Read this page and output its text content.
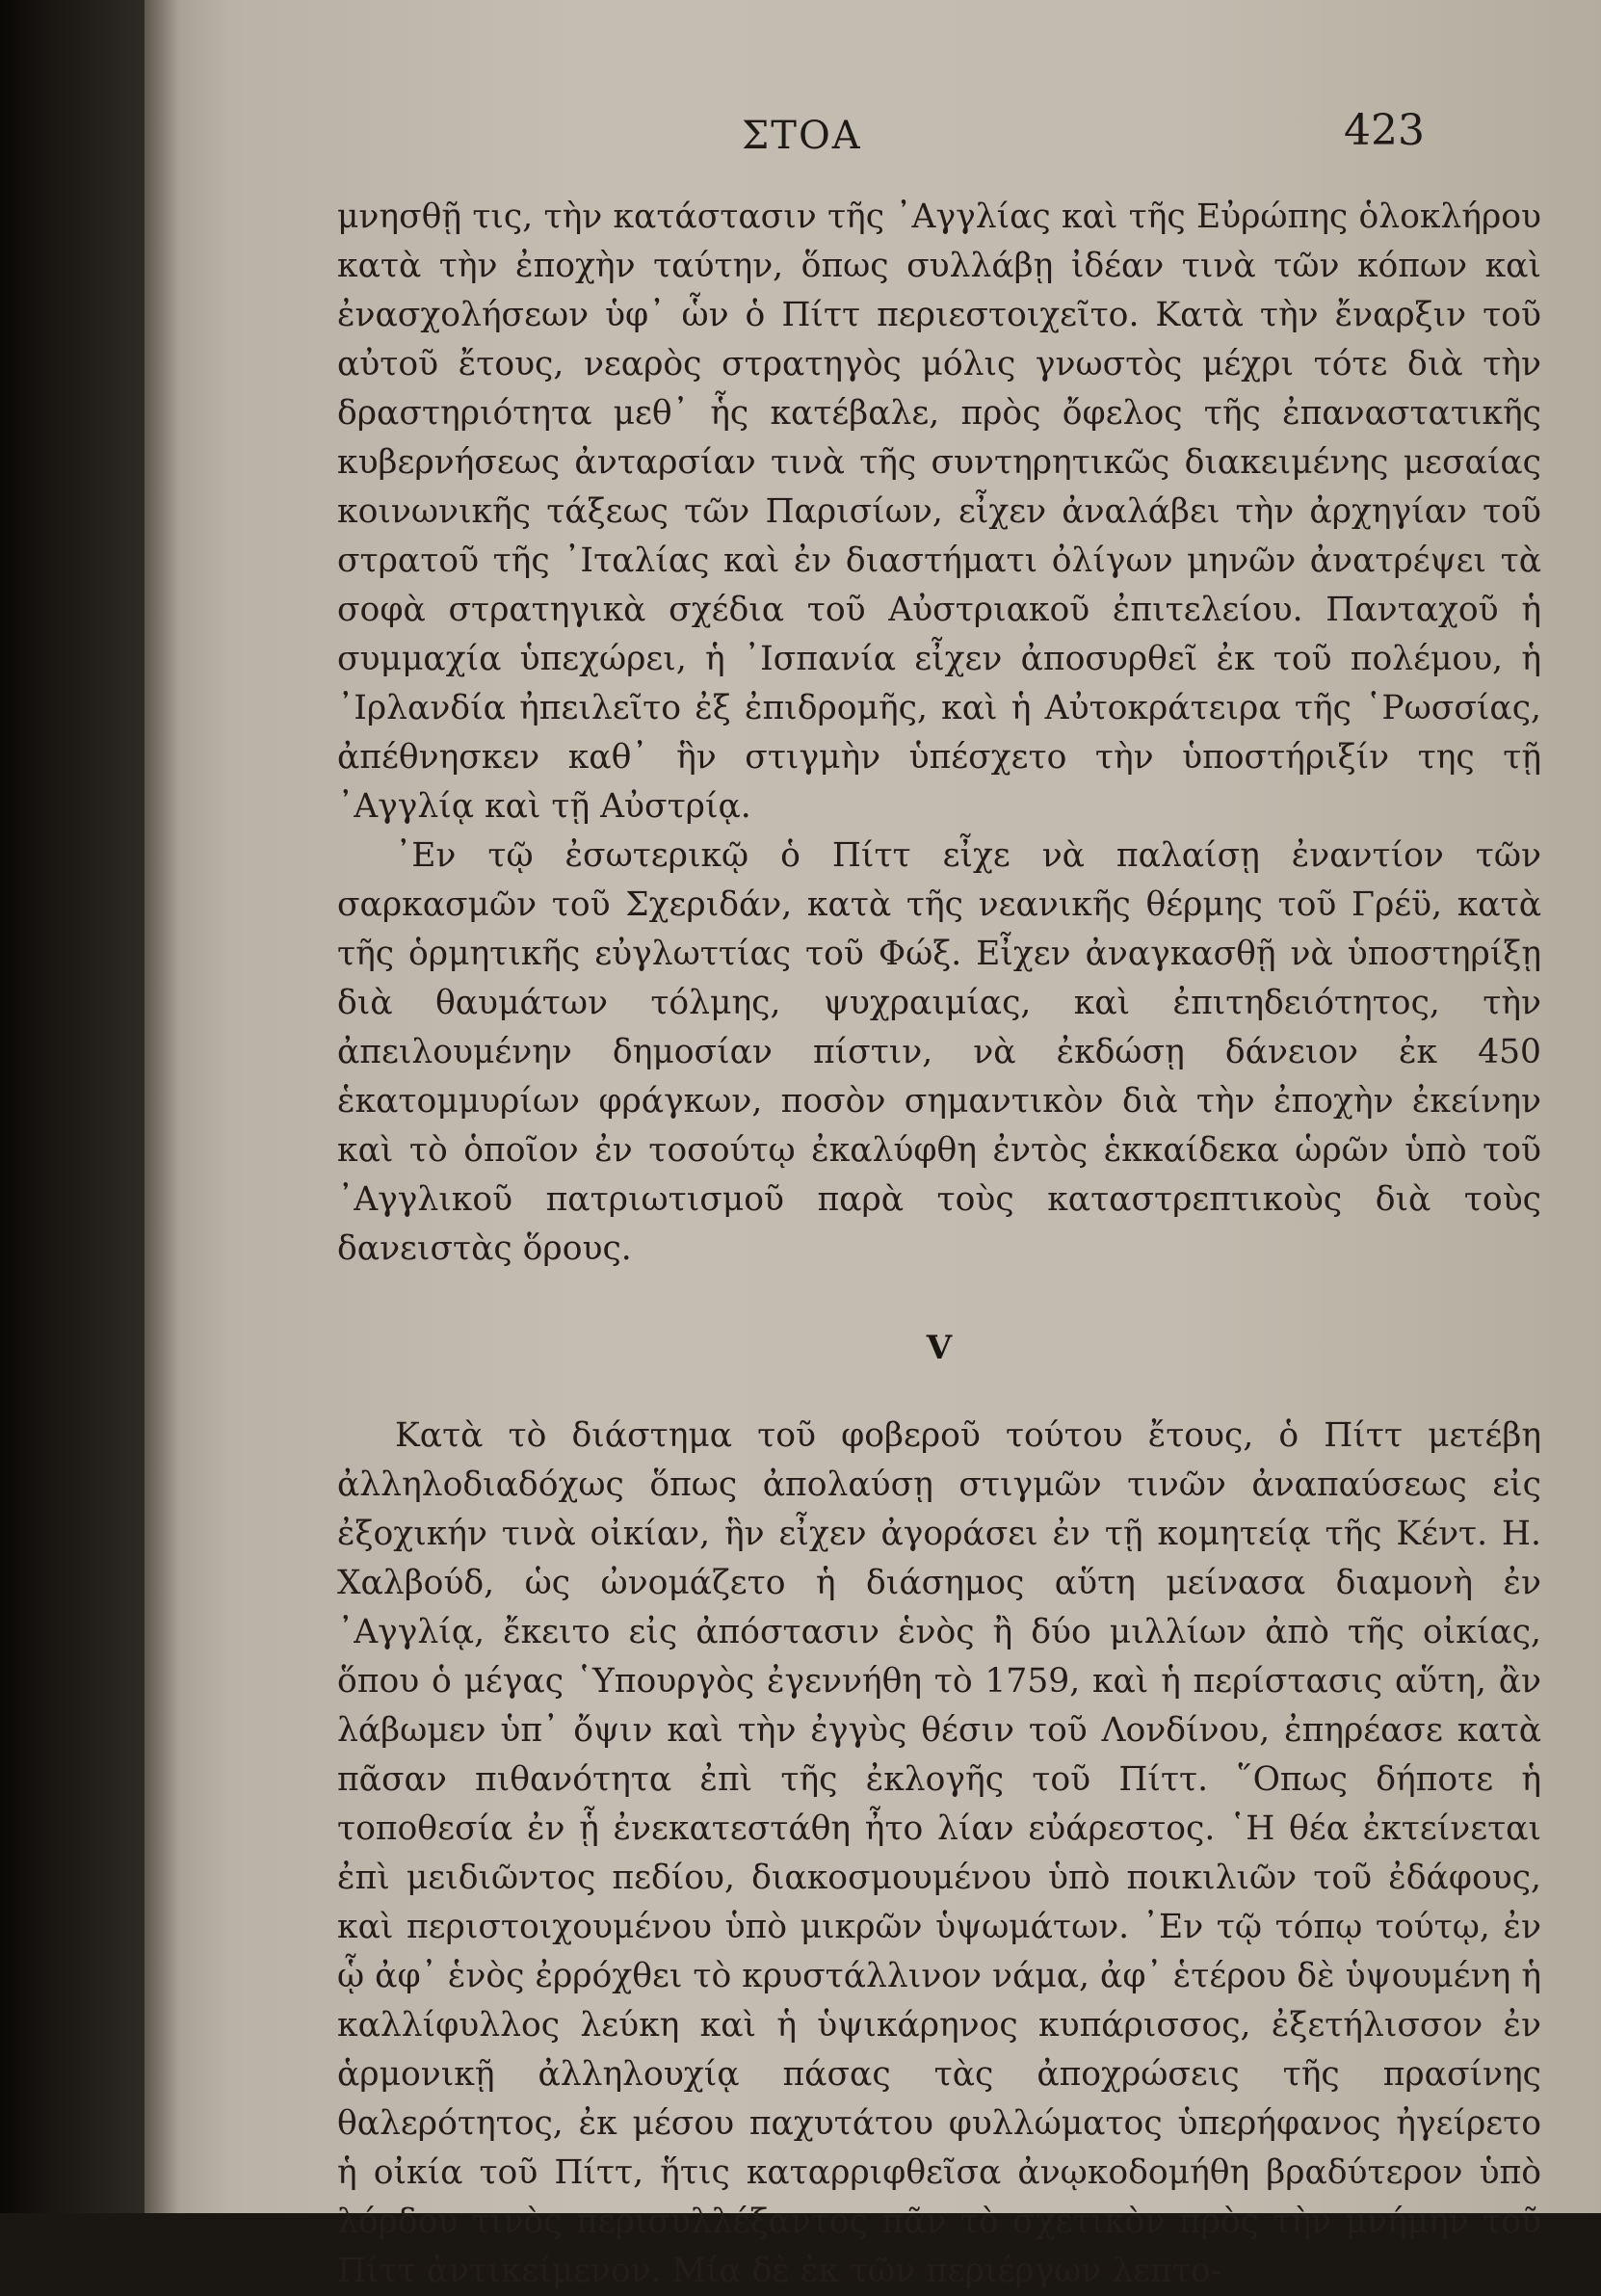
ΣΤΟΑ	423

μνησθῇ τις, τὴν κατάστασιν τῆς ᾿Αγγλίας καὶ τῆς Εὐρώπης ὁλοκλήρου κατὰ τὴν ἐποχὴν ταύτην, ὅπως συλλάβῃ ἰδέαν τινὰ τῶν κόπων καὶ ἐνασχολήσεων ὑφ᾿ ὧν ὁ Πίττ περιεστοιχεῖτο. Κατὰ τὴν ἔναρξιν τοῦ αὐτοῦ ἔτους, νεαρὸς στρατηγὸς μόλις γνωστὸς μέχρι τότε διὰ τὴν δραστηριότητα μεθ᾿ ἧς κατέβαλε, πρὸς ὄφελος τῆς ἐπαναστατικῆς κυβερνήσεως ἀνταρσίαν τινὰ τῆς συντηρητικῶς διακειμένης μεσαίας κοινωνικῆς τάξεως τῶν Παρισίων, εἶχεν ἀναλάβει τὴν ἀρχηγίαν τοῦ στρατοῦ τῆς ᾿Ιταλίας καὶ ἐν διαστήματι ὀλίγων μηνῶν ἀνατρέψει τὰ σοφὰ στρατηγικὰ σχέδια τοῦ Αὐστριακοῦ ἐπιτελείου. Πανταχοῦ ἡ συμμαχία ὑπεχώρει, ἡ ᾿Ισπανία εἶχεν ἀποσυρθεῖ ἐκ τοῦ πολέμου, ἡ ᾿Ιρλανδία ἠπειλεῖτο ἐξ ἐπιδρομῆς, καὶ ἡ Αὐτοκράτειρα τῆς ῾Ρωσσίας, ἀπέθνησκεν καθ᾿ ἣν στιγμὴν ὑπέσχετο τὴν ὑποστήριξίν της τῇ ᾿Αγγλίᾳ καὶ τῇ Αὐστρίᾳ.

᾿Εν τῷ ἐσωτερικῷ ὁ Πίττ εἶχε νὰ παλαίσῃ ἐναντίον τῶν σαρκασμῶν τοῦ Σχεριδάν, κατὰ τῆς νεανικῆς θέρμης τοῦ Γρέϋ, κατὰ τῆς ὁρμητικῆς εὐγλωττίας τοῦ Φώξ. Εἶχεν ἀναγκασθῇ νὰ ὑποστηρίξῃ διὰ θαυμάτων τόλμης, ψυχραιμίας, καὶ ἐπιτηδειότητος, τὴν ἀπειλουμένην δημοσίαν πίστιν, νὰ ἐκδώσῃ δάνειον ἐκ 450 ἑκατομμυρίων φράγκων, ποσὸν σημαντικὸν διὰ τὴν ἐποχὴν ἐκείνην καὶ τὸ ὁποῖον ἐν τοσούτῳ ἐκαλύφθη ἐντὸς ἑκκαίδεκα ὡρῶν ὑπὸ τοῦ ᾿Αγγλικοῦ πατριωτισμοῦ παρὰ τοὺς καταστρεπτικοὺς διὰ τοὺς δανειστὰς ὅρους.

V

Κατὰ τὸ διάστημα τοῦ φοβεροῦ τούτου ἔτους, ὁ Πίττ μετέβη ἀλληλοδιαδόχως ὅπως ἀπολαύσῃ στιγμῶν τινῶν ἀναπαύσεως εἰς ἐξοχικήν τινὰ οἰκίαν, ἣν εἶχεν ἀγοράσει ἐν τῇ κομητείᾳ τῆς Κέντ. Η. Χαλβούδ, ὡς ὠνομάζετο ἡ διάσημος αὕτη μείνασα διαμονὴ ἐν ᾿Αγγλίᾳ, ἔκειτο εἰς ἀπόστασιν ἑνὸς ἢ δύο μιλλίων ἀπὸ τῆς οἰκίας, ὅπου ὁ μέγας ῾Υπουργὸς ἐγεννήθη τὸ 1759, καὶ ἡ περίστασις αὕτη, ἂν λάβωμεν ὑπ᾿ ὄψιν καὶ τὴν ἐγγὺς θέσιν τοῦ Λονδίνου, ἐπηρέασε κατὰ πᾶσαν πιθανότητα ἐπὶ τῆς ἐκλογῆς τοῦ Πίττ. ῞Οπως δήποτε ἡ τοποθεσία ἐν ᾗ ἐνεκατεστάθη ἦτο λίαν εὐάρεστος. ῾Η θέα ἐκτείνεται ἐπὶ μειδιῶντος πεδίου, διακοσμουμένου ὑπὸ ποικιλιῶν τοῦ ἐδάφους, καὶ περιστοιχουμένου ὑπὸ μικρῶν ὑψωμάτων. ᾿Εν τῷ τόπῳ τούτῳ, ἐν ᾧ ἀφ᾿ ἑνὸς ἐρρόχθει τὸ κρυστάλλινον νάμα, ἀφ᾿ ἑτέρου δὲ ὑψουμένη ἡ καλλίφυλλος λεύκη καὶ ἡ ὑψικάρηνος κυπάρισσος, ἐξετήλισσον ἐν ἁρμονικῇ ἀλληλουχίᾳ πάσας τὰς ἀποχρώσεις τῆς πρασίνης θαλερότητος, ἐκ μέσου παχυτάτου φυλλώματος ὑπερήφανος ἠγείρετο ἡ οἰκία τοῦ Πίττ, ἥτις καταρριφθεῖσα ἀνῳκοδομήθη βραδύτερον ὑπὸ λόρδου τινὸς περισυλλέξαντος πᾶν τὸ σχετικὸν πρὸς τὴν μνήμην τοῦ Πίττ ἀντικείμενον. Μία δὲ ἐκ τῶν περιέργων λεπτο-
